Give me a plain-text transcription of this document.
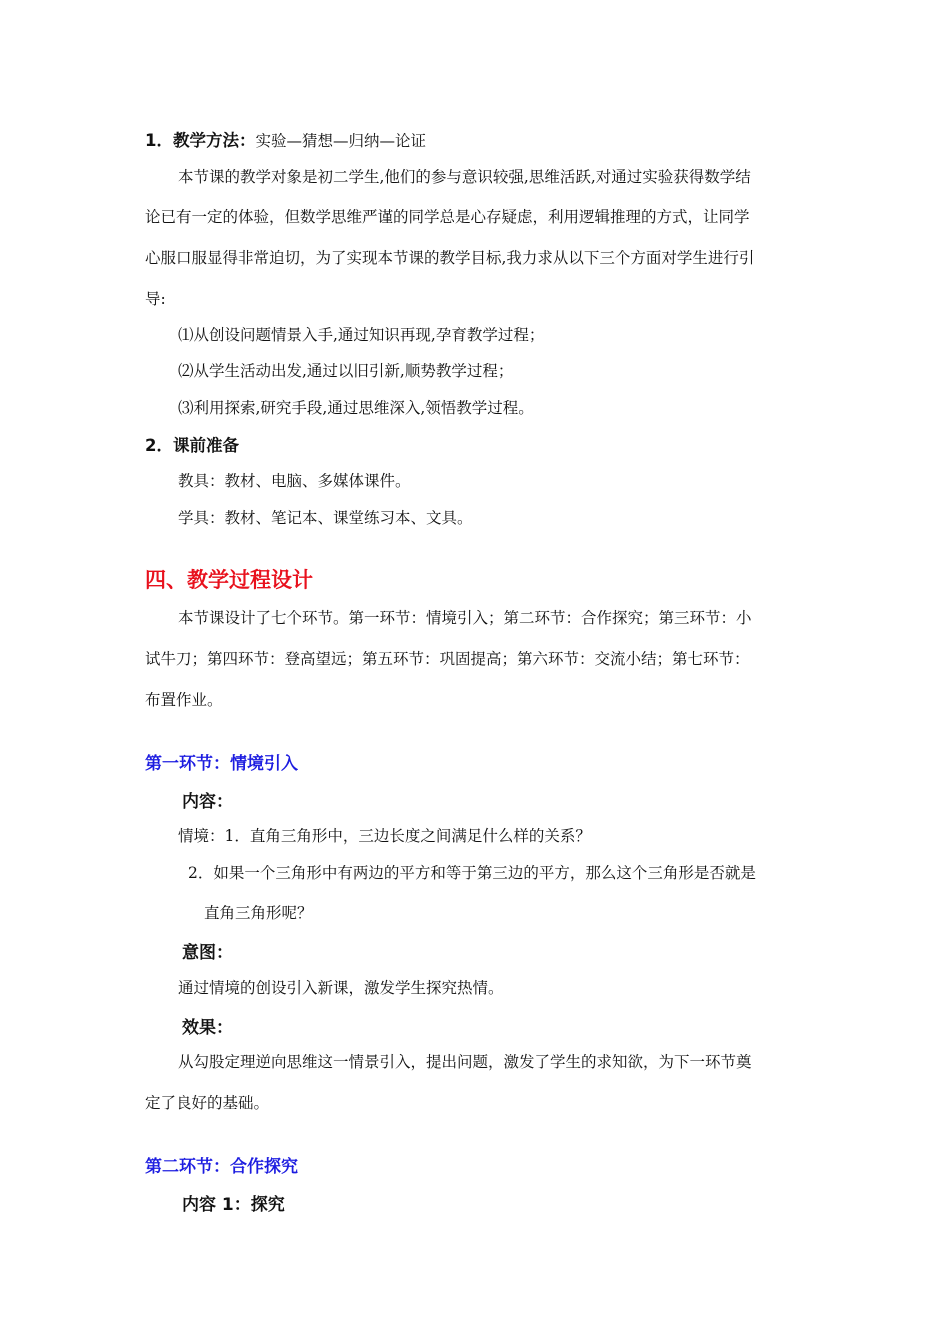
1．教学方法：实验—猜想—归纳—论证
本节课的教学对象是初二学生,他们的参与意识较强,思维活跃,对通过实验获得数学结
论已有一定的体验，但数学思维严谨的同学总是心存疑虑，利用逻辑推理的方式，让同学
心服口服显得非常迫切，为了实现本节课的教学目标,我力求从以下三个方面对学生进行引
导:
⑴从创设问题情景入手,通过知识再现,孕育教学过程；
⑵从学生活动出发,通过以旧引新,顺势教学过程；
⑶利用探索,研究手段,通过思维深入,领悟教学过程。
2．课前准备
教具：教材、电脑、多媒体课件。
学具：教材、笔记本、课堂练习本、文具。
四、教学过程设计
本节课设计了七个环节。第一环节：情境引入；第二环节：合作探究；第三环节：小
试牛刀；第四环节：登高望远；第五环节：巩固提高；第六环节：交流小结；第七环节：
布置作业。
第一环节：情境引入
内容：
情境：1．直角三角形中，三边长度之间满足什么样的关系？
2．如果一个三角形中有两边的平方和等于第三边的平方，那么这个三角形是否就是
直角三角形呢？
意图：
通过情境的创设引入新课，激发学生探究热情。
效果：
从勾股定理逆向思维这一情景引入，提出问题，激发了学生的求知欲，为下一环节奠
定了良好的基础。
第二环节：合作探究
内容 1：探究
